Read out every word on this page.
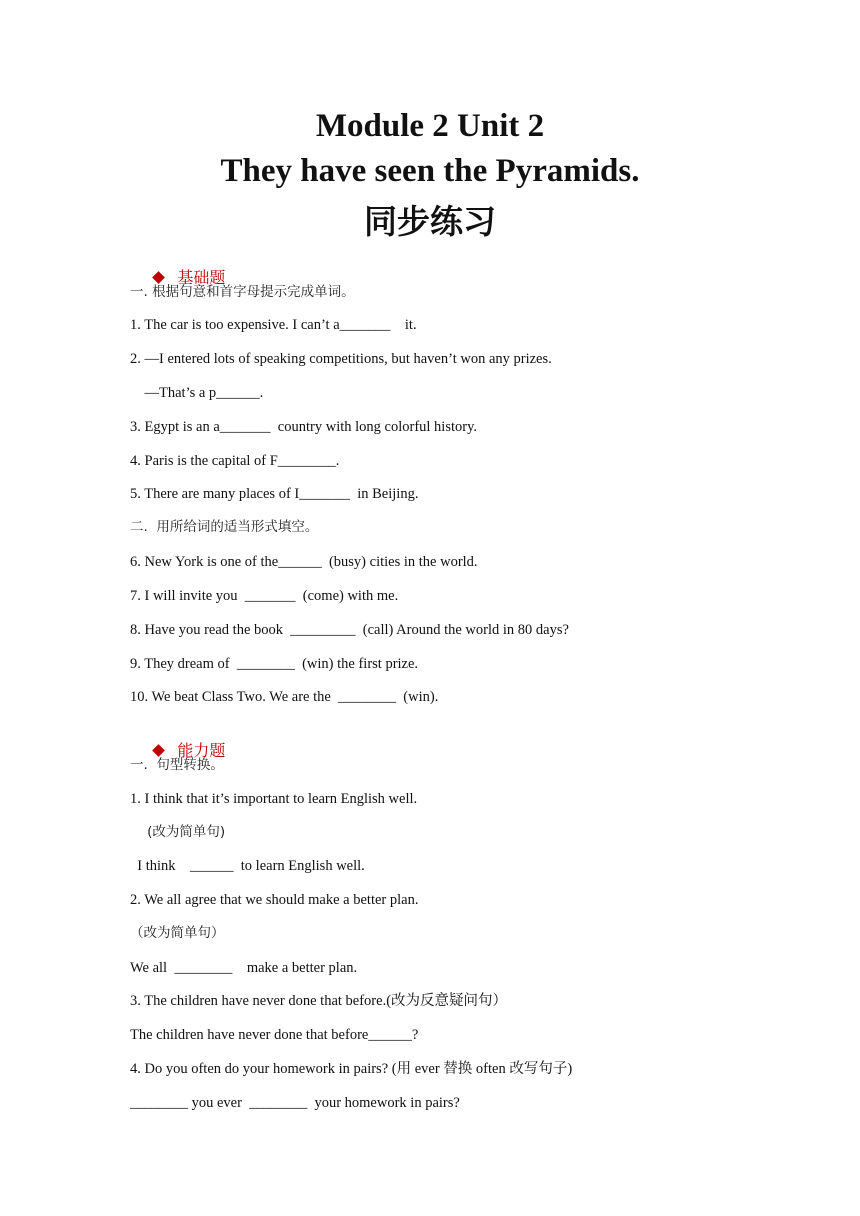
Module 2 Unit 2
They have seen the Pyramids.
同步练习

基础题

一. 根据句意和首字母提示完成单词。
1. The car is too expensive. I can’t a_______    it.
2. —I entered lots of speaking competitions, but haven’t won any prizes.
—That’s a p______.
3. Egypt is an a_______  country with long colorful history.
4. Paris is the capital of F________.
5. There are many places of I_______  in Beijing.
二.  用所给词的适当形式填空。
6. New York is one of the______  (busy) cities in the world.
7. I will invite you  _______  (come) with me.
8. Have you read the book  _________  (call) Around the world in 80 days?
9. They dream of  ________  (win) the first prize.
10. We beat Class Two. We are the  ________  (win).

能力题

一.  句型转换。
1. I think that it’s important to learn English well.
(改为简单句)
I think    ______  to learn English well.
2. We all agree that we should make a better plan.
（改为简单句）
We all  ________    make a better plan.
3. The children have never done that before.(改为反意疑问句）
The children have never done that before______?
4. Do you often do your homework in pairs? (用 ever 替换 often 改写句子)
________ you ever  ________  your homework in pairs?
